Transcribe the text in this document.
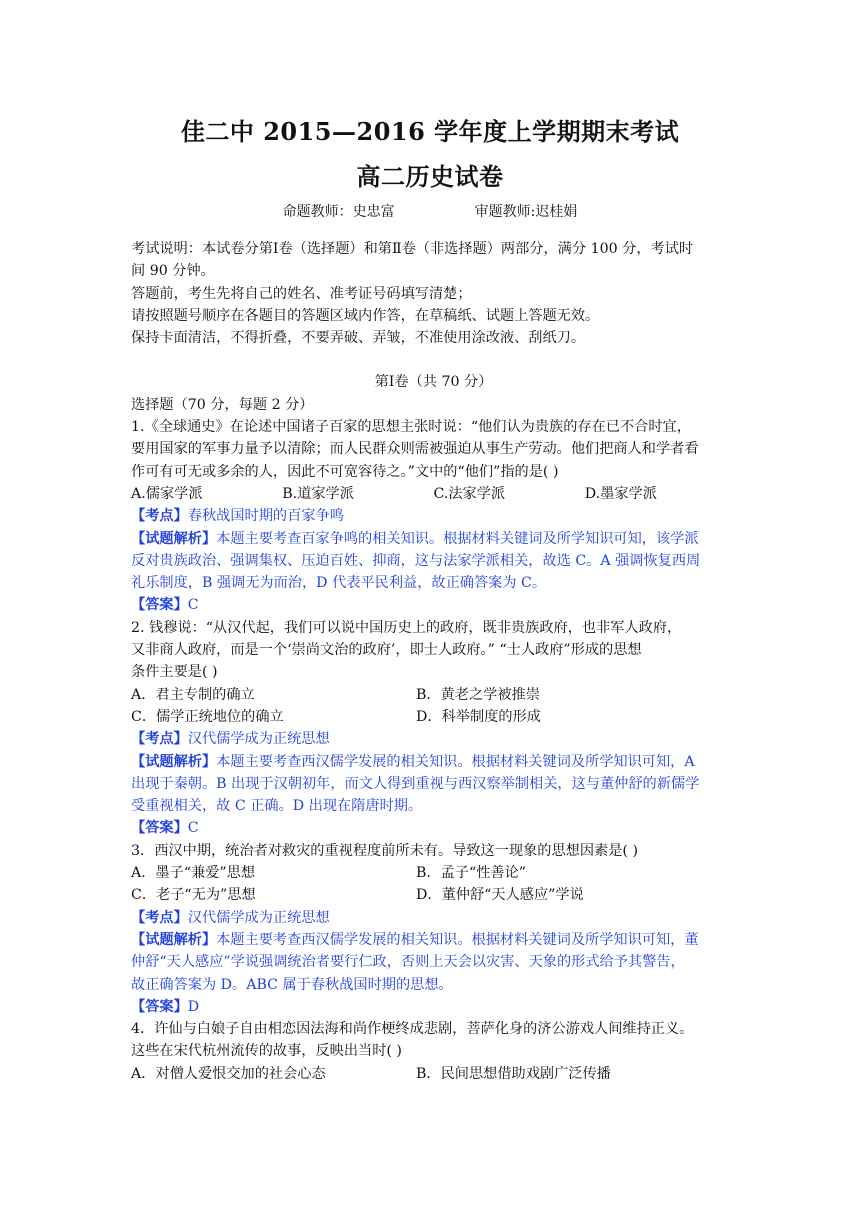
佳二中 2015—2016 学年度上学期期末考试
高二历史试卷
命题教师：史忠富	审题教师:迟桂娟

考试说明：本试卷分第Ⅰ卷（选择题）和第Ⅱ卷（非选择题）两部分，满分 100 分，考试时

间 90 分钟。

答题前，考生先将自己的姓名、准考证号码填写清楚；

请按照题号顺序在各题目的答题区域内作答，在草稿纸、试题上答题无效。

保持卡面清洁，不得折叠，不要弄破、弄皱，不准使用涂改液、刮纸刀。

第Ⅰ卷（共 70 分）

选择题（70 分，每题 2 分）

1.《全球通史》在论述中国诸子百家的思想主张时说：“他们认为贵族的存在已不合时宜，

要用国家的军事力量予以清除；而人民群众则需被强迫从事生产劳动。他们把商人和学者看

作可有可无或多余的人，因此不可宽容待之。”文中的“他们”指的是( )

A.儒家学派	B.道家学派	C.法家学派	D.墨家学派

【考点】春秋战国时期的百家争鸣

【试题解析】本题主要考查百家争鸣的相关知识。根据材料关键词及所学知识可知，该学派

反对贵族政治、强调集权、压迫百姓、抑商，这与法家学派相关，故选 C。A 强调恢复西周

礼乐制度，B 强调无为而治，D 代表平民利益，故正确答案为 C。

【答案】C

2. 钱穆说：“从汉代起，我们可以说中国历史上的政府，既非贵族政府，也非军人政府，

又非商人政府，而是一个‘崇尚文治的政府’，即士人政府。” “士人政府”形成的思想

条件主要是( )

A．君主专制的确立	B．黄老之学被推崇
C．儒学正统地位的确立	D．科举制度的形成

【考点】汉代儒学成为正统思想

【试题解析】本题主要考查西汉儒学发展的相关知识。根据材料关键词及所学知识可知，A

出现于秦朝。B 出现于汉朝初年，而文人得到重视与西汉察举制相关，这与董仲舒的新儒学

受重视相关，故 C 正确。D 出现在隋唐时期。

【答案】C

3．西汉中期，统治者对救灾的重视程度前所未有。导致这一现象的思想因素是( )

A．墨子“兼爱”思想	B．孟子“性善论”
C．老子“无为”思想	D．董仲舒“天人感应”学说

【考点】汉代儒学成为正统思想

【试题解析】本题主要考查西汉儒学发展的相关知识。根据材料关键词及所学知识可知，董

仲舒“天人感应”学说强调统治者要行仁政，否则上天会以灾害、天象的形式给予其警告，

故正确答案为 D。ABC 属于春秋战国时期的思想。

【答案】D

4．许仙与白娘子自由相恋因法海和尚作梗终成悲剧，菩萨化身的济公游戏人间维持正义。

这些在宋代杭州流传的故事，反映出当时( )

A．对僧人爱恨交加的社会心态	B．民间思想借助戏剧广泛传播
